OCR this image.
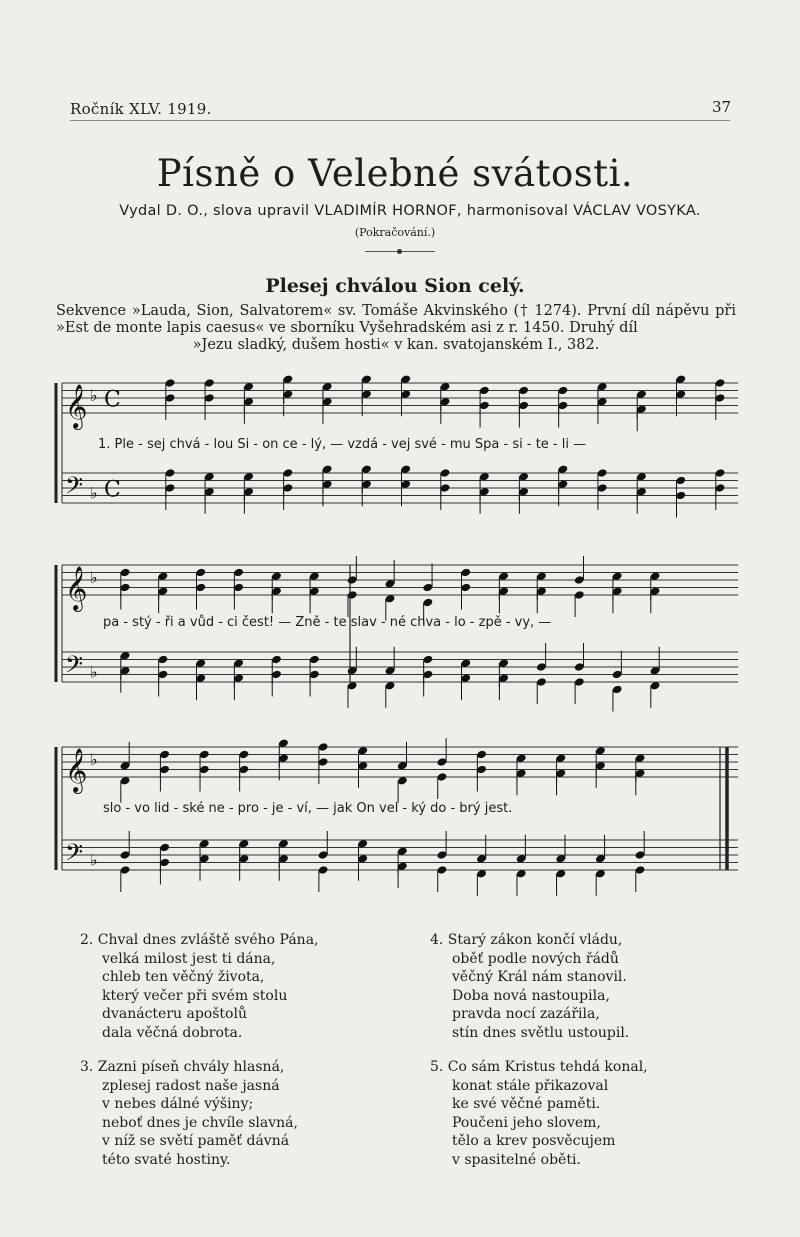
Ročník XLV. 1919.	37
Písně o Velebné svátosti.
Vydal D. O., slova upravil VLADIMÍR HORNOF, harmonisoval VÁCLAV VOSYKA.
(Pokračování.)
Plesej chválou Sion celý.
Sekvence »Lauda, Sion, Salvatorem« sv. Tomáše Akvinského († 1274). První díl nápěvu při »Est de monte lapis caesus« ve sborníku Vyšehradském asi z r. 1450. Druhý díl
»Jezu sladký, dušem hosti« v kan. svatojanském I., 382.
𝄞 ♭ C
𝄢 ♭ C
𝄞 ♭
𝄢 ♭
𝄞 ♭
𝄢 ♭
1. Ple - sej chvá - lou Si - on ce - lý, — vzdá - vej své - mu Spa - si - te - li —
pa - stý - ři a vůd - ci čest! — Zně - te slav - né chva - lo - zpě - vy, —
slo - vo lid - ské ne - pro - je - ví, — jak On vel - ký do - brý jest.
2. Chval dnes zvláště svého Pána,
velká milost jest ti dána,
chleb ten věčný života,
který večer při svém stolu
dvanácteru apoštolů
dala věčná dobrota.
3. Zazni píseň chvály hlasná,
zplesej radost naše jasná
v nebes dálné výšiny;
neboť dnes je chvíle slavná,
v níž se světí paměť dávná
této svaté hostiny.
4. Starý zákon končí vládu,
oběť podle nových řádů
věčný Král nám stanovil.
Doba nová nastoupila,
pravda nocí zazářila,
stín dnes světlu ustoupil.
5. Co sám Kristus tehdá konal,
konat stále přikazoval
ke své věčné paměti.
Poučeni jeho slovem,
tělo a krev posvěcujem
v spasitelné oběti.
